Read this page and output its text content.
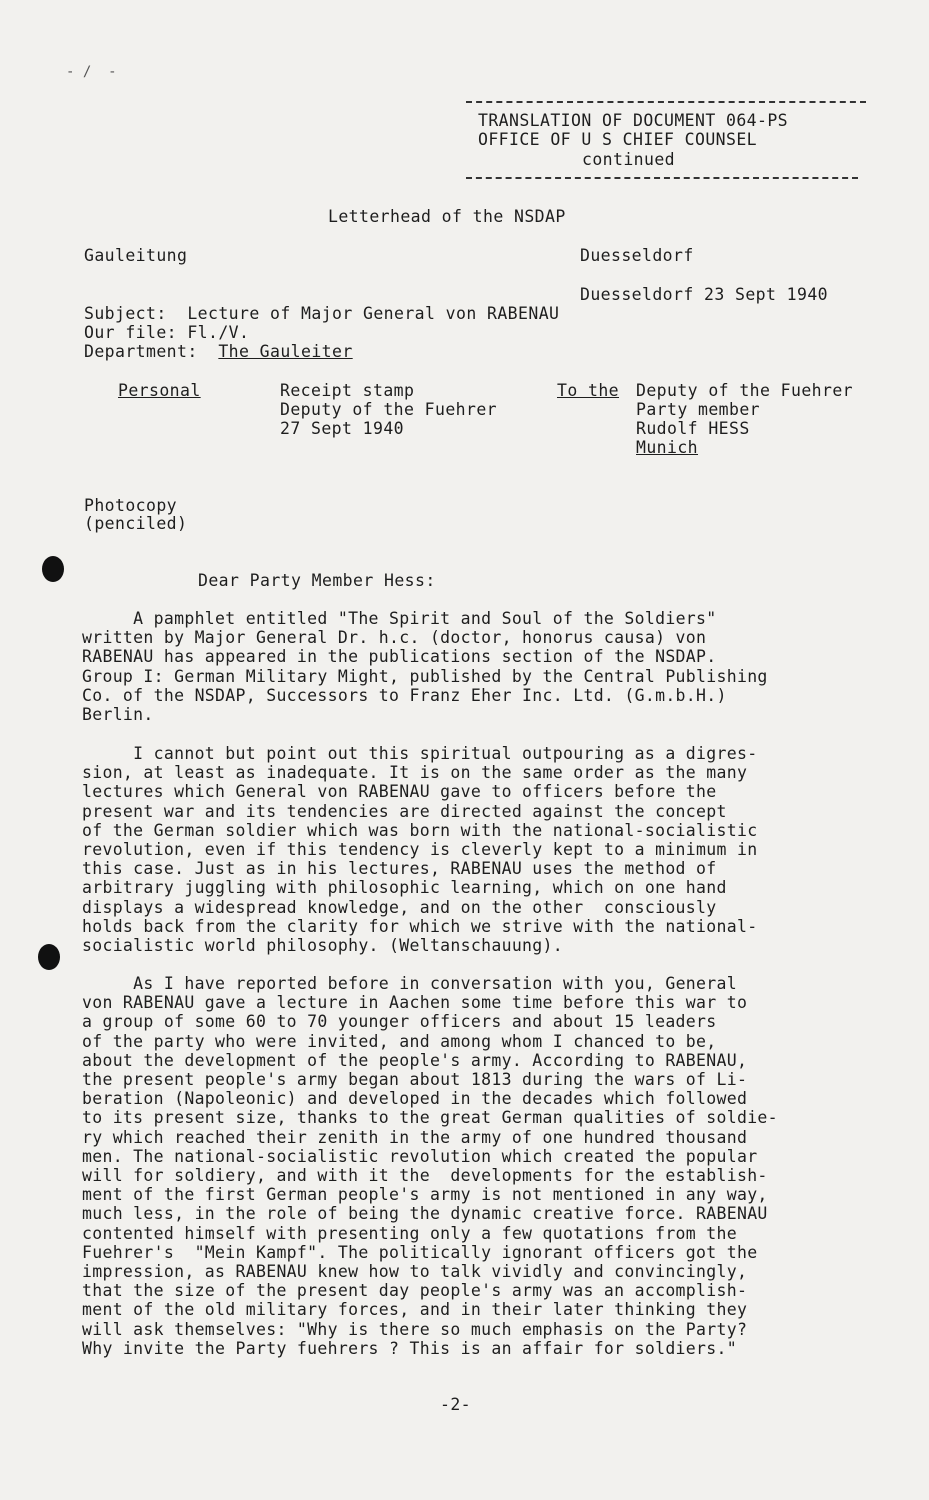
- /  -
TRANSLATION OF DOCUMENT 064-PS
OFFICE OF U S CHIEF COUNSEL
continued
Letterhead of the NSDAP
Gauleitung	Duesseldorf
Duesseldorf 23 Sept 1940
Subject:  Lecture of Major General von RABENAU
Our file: Fl./V.
Department:  The Gauleiter
Personal	Receipt stamp
Deputy of the Fuehrer
27 Sept 1940
To the Deputy of the Fuehrer
Party member
Rudolf HESS
Munich
Photocopy
(penciled)
Dear Party Member Hess:
A pamphlet entitled "The Spirit and Soul of the Soldiers"
written by Major General Dr. h.c. (doctor, honorus causa) von
RABENAU has appeared in the publications section of the NSDAP.
Group I: German Military Might, published by the Central Publishing
Co. of the NSDAP, Successors to Franz Eher Inc. Ltd. (G.m.b.H.)
Berlin.
I cannot but point out this spiritual outpouring as a digres-
sion, at least as inadequate. It is on the same order as the many
lectures which General von RABENAU gave to officers before the
present war and its tendencies are directed against the concept
of the German soldier which was born with the national-socialistic
revolution, even if this tendency is cleverly kept to a minimum in
this case. Just as in his lectures, RABENAU uses the method of
arbitrary juggling with philosophic learning, which on one hand
displays a widespread knowledge, and on the other  consciously
holds back from the clarity for which we strive with the national-
socialistic world philosophy. (Weltanschauung).
As I have reported before in conversation with you, General
von RABENAU gave a lecture in Aachen some time before this war to
a group of some 60 to 70 younger officers and about 15 leaders
of the party who were invited, and among whom I chanced to be,
about the development of the people's army. According to RABENAU,
the present people's army began about 1813 during the wars of Li-
beration (Napoleonic) and developed in the decades which followed
to its present size, thanks to the great German qualities of soldie-
ry which reached their zenith in the army of one hundred thousand
men. The national-socialistic revolution which created the popular
will for soldiery, and with it the  developments for the establish-
ment of the first German people's army is not mentioned in any way,
much less, in the role of being the dynamic creative force. RABENAU
contented himself with presenting only a few quotations from the
Fuehrer's  "Mein Kampf". The politically ignorant officers got the
impression, as RABENAU knew how to talk vividly and convincingly,
that the size of the present day people's army was an accomplish-
ment of the old military forces, and in their later thinking they
will ask themselves: "Why is there so much emphasis on the Party?
Why invite the Party fuehrers ? This is an affair for soldiers."
-2-
